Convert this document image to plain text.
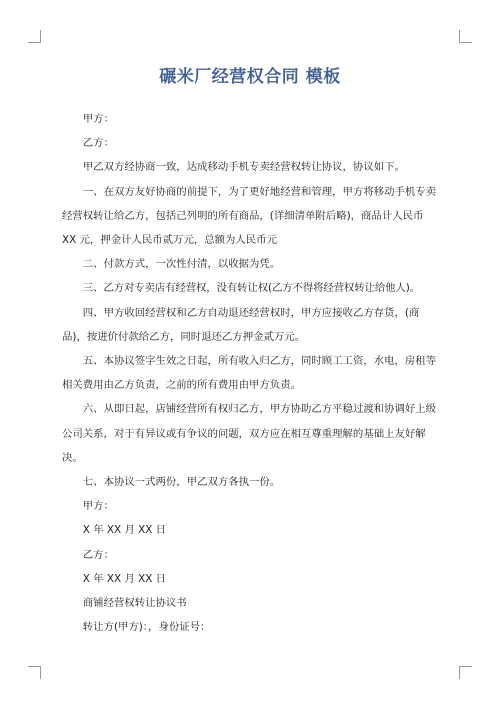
碾米厂经营权合同 模板

甲方：

乙方：

甲乙双方经协商一致，达成移动手机专卖经营权转让协议，协议如下。

一、在双方友好协商的前提下，为了更好地经营和管理，甲方将移动手机专卖经营权转让给乙方，包括己列明的所有商品，(详细清单附后略)，商品计人民币 XX 元，押金计人民币贰万元，总额为人民币元

二、付款方式，一次性付清，以收据为凭。

三、乙方对专卖店有经营权，没有转让权(乙方不得将经营权转让给他人)。

四、甲方收回经营权和乙方自动退还经营权时，甲方应接收乙方存货，(商品)，按进价付款给乙方，同时退还乙方押金贰万元。

五、本协议签字生效之日起，所有收入归乙方，同时顾工工资，水电，房租等相关费用由乙方负责，之前的所有费用由甲方负责。

六、从即日起，店铺经营所有权归乙方，甲方协助乙方平稳过渡和协调好上级公司关系，对于有异议或有争议的问题，双方应在相互尊重理解的基础上友好解决。

七、本协议一式两份，甲乙双方各执一份。

甲方：

X 年 XX 月 XX 日

乙方：

X 年 XX 月 XX 日

商铺经营权转让协议书

转让方(甲方)：，身份证号：
